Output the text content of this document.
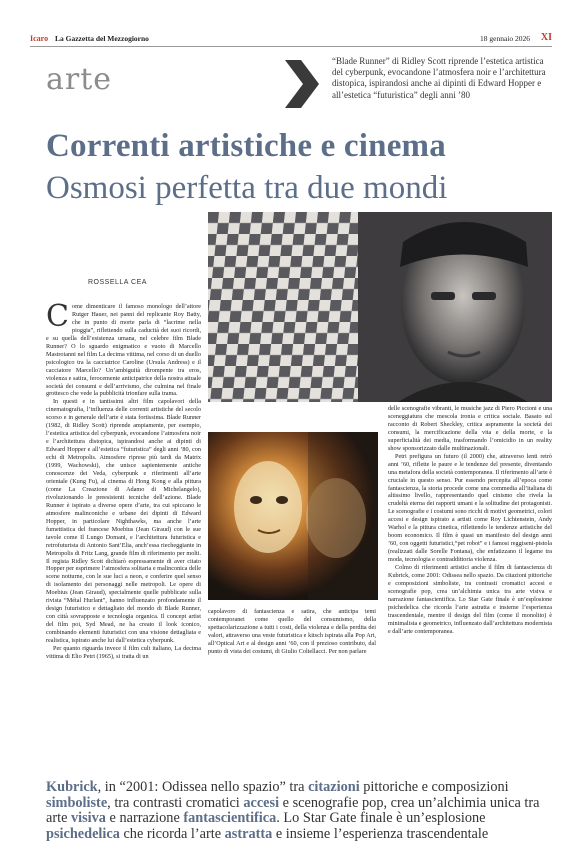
Icaro La Gazzetta del Mezzogiorno	18 gennaio 2026 XI
arte
“Blade Runner” di Ridley Scott riprende l’estetica artistica del cyberpunk, evocandone l’atmosfera noir e l’architettura distopica, ispirandosi anche ai dipinti di Edward Hopper e all’estetica “futuristica” degli anni ’80
Correnti artistiche e cinema
Osmosi perfetta tra due mondi
ROSSELLA CEA

Come dimenticare il famoso monologo dell’attore Rutger Hauer, nei panni del replicante Roy Batty, che in punto di morte parla di “lacrime nella pioggia”, riflettendo sulla caducità dei suoi ricordi, e su quella dell’esistenza umana, nel celebre film Blade Runner? O lo sguardo enigmatico e vuoto di Marcello Mastroianni nel film La decima vittima, nel corso di un duello psicologico tra la cacciatrice Caroline (Ursula Andress) e il cacciatore Marcello? Un’ambiguità dirompente tra eros, violenza e satira, ferocemente anticipatrice della nostra attuale società dei consumi e dell’arrivismo, che culmina nel finale grottesco che vede la pubblicità trionfare sulla trama.

In questi e in tantissimi altri film capolavori della cinematografia, l’influenza delle correnti artistiche del secolo scorso e in generale dell’arte è stata fortissima. Blade Runner (1982, di Ridley Scott) riprende ampiamente, per esempio, l’estetica artistica del cyberpunk, evocandone l’atmosfera noir e l’architettura distopica, ispirandosi anche ai dipinti di Edward Hopper e all’estetica “futuristica” degli anni ’80, con echi di Metropolis. Atmosfere riprese più tardi da Matrix (1999, Wachowski), che unisce sapientemente antiche conoscenze dei Veda, cyberpunk e riferimenti all’arte orientale (Kung Fu), al cinema di Hong Kong e alla pittura (come La Creazione di Adamo di Michelangelo), rivoluzionando le preesistenti tecniche dell’azione. Blade Runner è ispirato a diverse opere d’arte, tra cui spiccano le atmosfere malinconiche e urbane dei dipinti di Edward Hopper, in particolare Nighthawks, ma anche l’arte fumettistica del francese Moebius (Jean Giraud) con le sue tavole come Il Lungo Domani, e l’architettura futuristica e retrofuturista di Antonio Sant’Elia, anch’essa riecheggiante in Metropolis di Fritz Lang, grande film di riferimento per molti. Il regista Ridley Scott dichiarò espressamente di aver citato Hopper per esprimere l’atmosfera solitaria e malinconica delle scene notturne, con le sue luci a neon, e conferire quel senso di isolamento dei personaggi nelle metropoli. Le opere di Moebius (Jean Giraud), specialmente quelle pubblicate sulla rivista “Métal Hurlant”, hanno influenzato profondamente il design futuristico e dettagliato del mondo di Blade Runner, con città sovrapposte e tecnologia organica. Il concept artist del film poi, Syd Mead, ne ha creato il look iconico, combinando elementi futuristici con una visione dettagliata e realistica, ispirato anche lui dall’estetica cyberpunk.

Per quanto riguarda invece il film cult italiano, La decima vittima di Elio Petri (1965), si tratta di un

capolavoro di fantascienza e satira, che anticipa temi contemporanei come quello del consumismo, della spettacolarizzazione a tutti i costi, della violenza e della perdita dei valori, attraverso una veste futuristica e kitsch ispirata alla Pop Art, all’Optical Art e al design anni ’60, con il prezioso contributo, dal punto di vista dei costumi, di Giulio Coltellacci. Per non parlare

delle scenografie vibranti, le musiche jazz di Piero Piccioni e una sceneggiatura che mescola ironia e critica sociale. Basato sul racconto di Robert Sheckley, critica aspramente la società dei consumi, la mercificazione della vita e della morte, e la superficialità dei media, trasformando l’omicidio in un reality show sponsorizzato dalle multinazionali.

Petri prefigura un futuro (il 2000) che, attraverso lenti retrò anni ’60, riflette le paure e le tendenze del presente, diventando una metafora della società contemporanea. Il riferimento all’arte è cruciale in questo senso. Pur essendo percepita all’epoca come fantascienza, la storia procede come una commedia all’italiana di altissimo livello, rappresentando quel cinismo che rivela la crudeltà eterna dei rapporti umani e la solitudine dei protagonisti. Le scenografie e i costumi sono ricchi di motivi geometrici, colori accesi e design ispirato a artisti come Roy Lichtenstein, Andy Warhol e la pittura cinetica, riflettendo le tendenze artistiche del boom economico. Il film è quasi un manifesto del design anni ’60, con oggetti futuristici,“pet robot” e i famosi reggiseni-pistola (realizzati dalle Sorelle Fontana), che enfatizzano il legame tra moda, tecnologia e contraddittoria violenza.

Colmo di riferimenti artistici anche il film di fantascienza di Kubrick, come 2001: Odissea nello spazio. Da citazioni pittoriche e composizioni simboliste, tra contrasti cromatici accesi e scenografie pop, crea un’alchimia unica tra arte visiva e narrazione fantascientifica. Lo Star Gate finale è un’esplosione psichedelica che ricorda l’arte astratta e insieme l’esperienza trascendentale, mentre il design del film (come il monolito) è minimalista e geometrico, influenzato dall’architettura modernista e dall’arte contemporanea.

Kubrick, in “2001: Odissea nello spazio” tra citazioni pittoriche e composizioni simboliste, tra contrasti cromatici accesi e scenografie pop, crea un’alchimia unica tra arte visiva e narrazione fantascientifica. Lo Star Gate finale è un’esplosione psichedelica che ricorda l’arte astratta e insieme l’esperienza trascendentale
